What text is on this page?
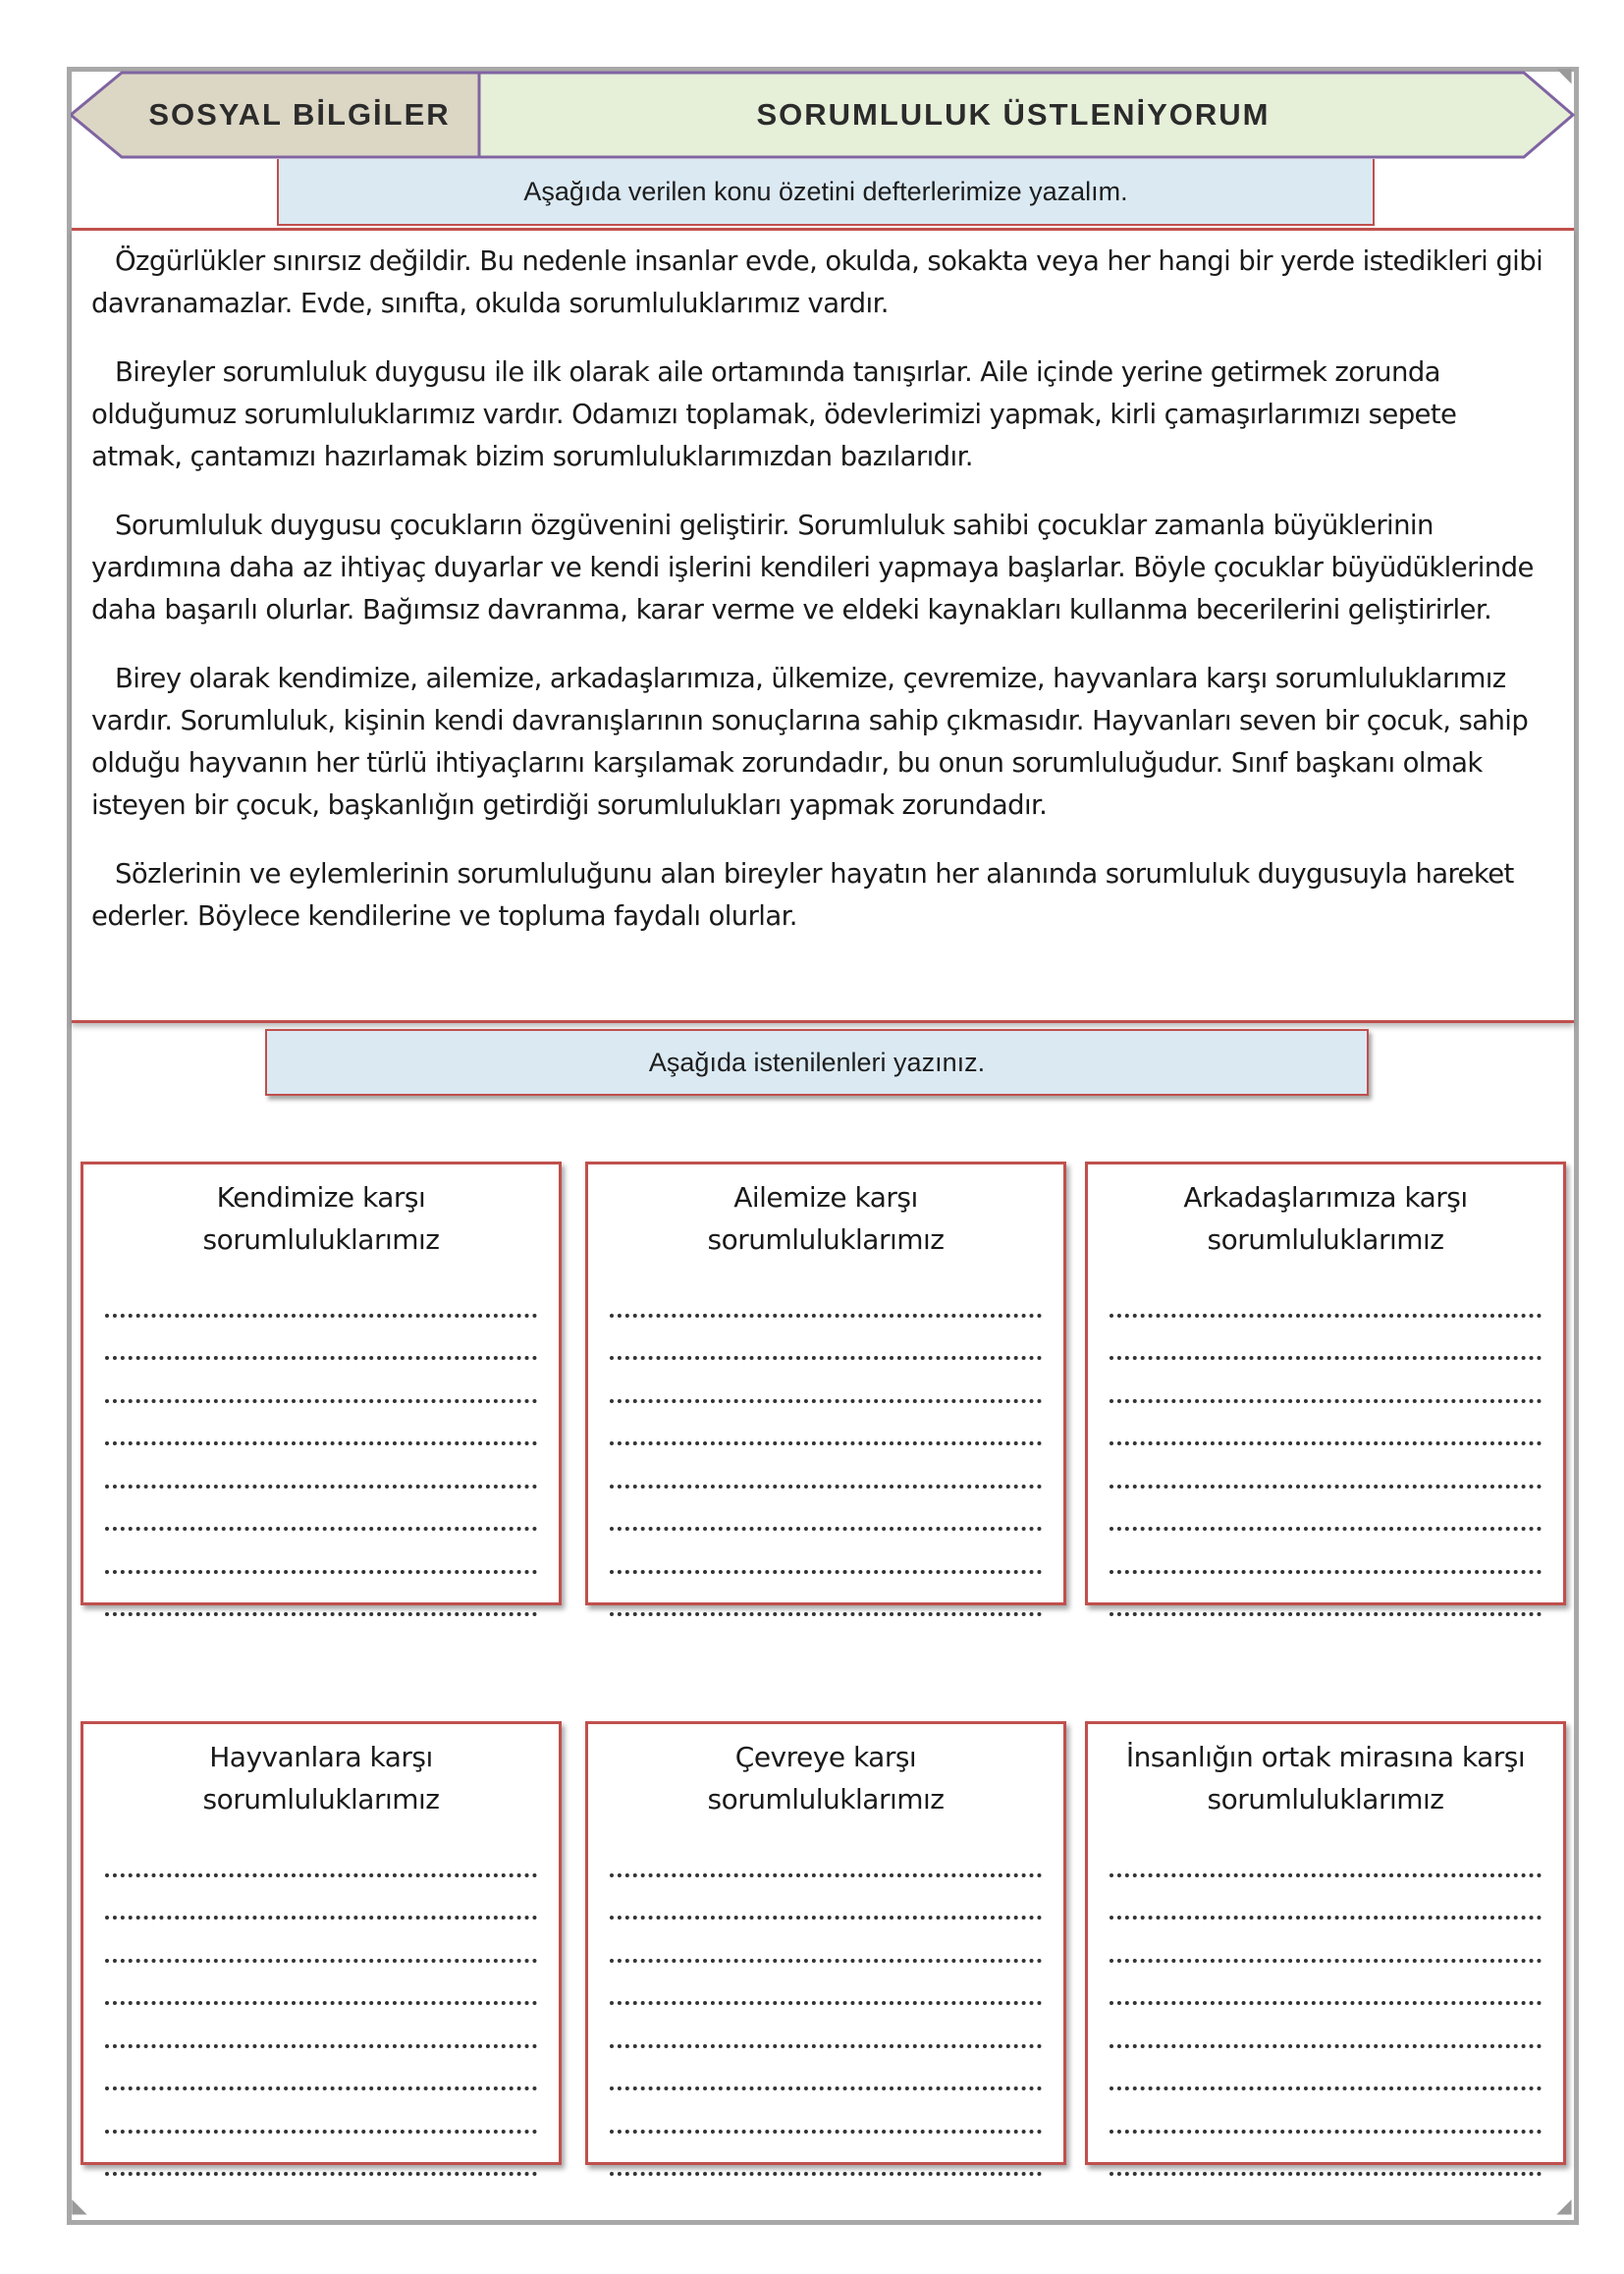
◣	◢
◥
SOSYAL BİLGİLER	SORUMLULUK ÜSTLENİYORUM
Aşağıda verilen konu özetini defterlerimize yazalım.

Özgürlükler sınırsız değildir. Bu nedenle insanlar evde, okulda, sokakta veya her hangi bir yerde istedikleri gibi davranamazlar. Evde, sınıfta, okulda sorumluluklarımız vardır.

Bireyler sorumluluk duygusu ile ilk olarak aile ortamında tanışırlar. Aile içinde yerine getirmek zorunda olduğumuz sorumluluklarımız vardır. Odamızı toplamak, ödevlerimizi yapmak, kirli çamaşırlarımızı sepete atmak, çantamızı hazırlamak bizim sorumluluklarımızdan bazılarıdır.

Sorumluluk duygusu çocukların özgüvenini geliştirir. Sorumluluk sahibi çocuklar zamanla büyüklerinin yardımına daha az ihtiyaç duyarlar ve kendi işlerini kendileri yapmaya başlarlar. Böyle çocuklar büyüdüklerinde daha başarılı olurlar. Bağımsız davranma, karar verme ve eldeki kaynakları kullanma becerilerini geliştirirler.

Birey olarak kendimize, ailemize, arkadaşlarımıza, ülkemize, çevremize, hayvanlara karşı sorumluluklarımız vardır. Sorumluluk, kişinin kendi davranışlarının sonuçlarına sahip çıkmasıdır. Hayvanları seven bir çocuk, sahip olduğu hayvanın her türlü ihtiyaçlarını karşılamak zorundadır, bu onun sorumluluğudur. Sınıf başkanı olmak isteyen bir çocuk, başkanlığın getirdiği sorumlulukları yapmak zorundadır.

Sözlerinin ve eylemlerinin sorumluluğunu alan bireyler hayatın her alanında sorumluluk duygusuyla hareket ederler. Böylece kendilerine ve topluma faydalı olurlar.

Aşağıda istenilenleri yazınız.
Kendimize karşı
sorumluluklarımız
Ailemize karşı
sorumluluklarımız
Arkadaşlarımıza karşı
sorumluluklarımız
Hayvanlara karşı
sorumluluklarımız
Çevreye karşı
sorumluluklarımız
İnsanlığın ortak mirasına karşı
sorumluluklarımız
